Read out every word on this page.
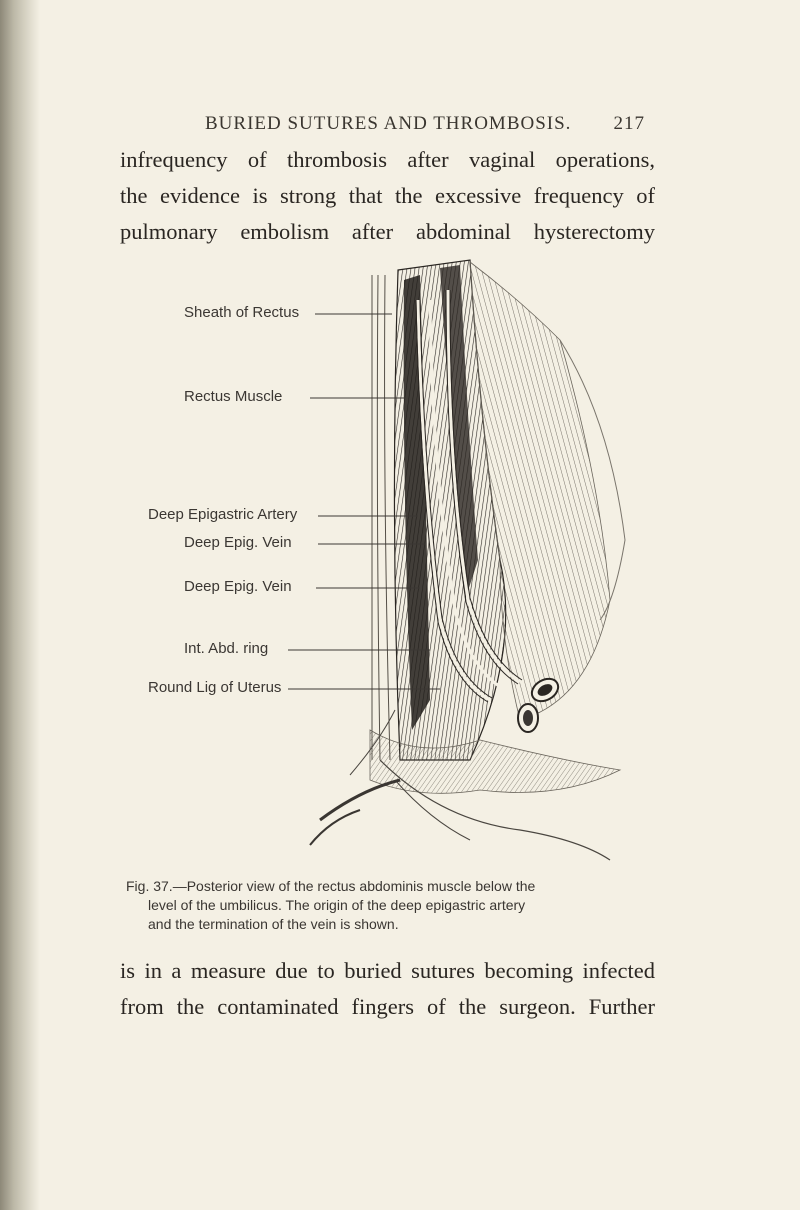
BURIED SUTURES AND THROMBOSIS. 217
infrequency of thrombosis after vaginal operations,
the evidence is strong that the excessive frequency of
pulmonary embolism after abdominal hysterectomy
Sheath of Rectus
Rectus Muscle
Deep Epigastric Artery
Deep Epig. Vein
Deep Epig. Vein
Int. Abd. ring
Round Lig of Uterus
Fig. 37.—Posterior view of the rectus abdominis muscle below the
level of the umbilicus. The origin of the deep epigastric artery
and the termination of the vein is shown.
is in a measure due to buried sutures becoming infected
from the contaminated fingers of the surgeon. Further
